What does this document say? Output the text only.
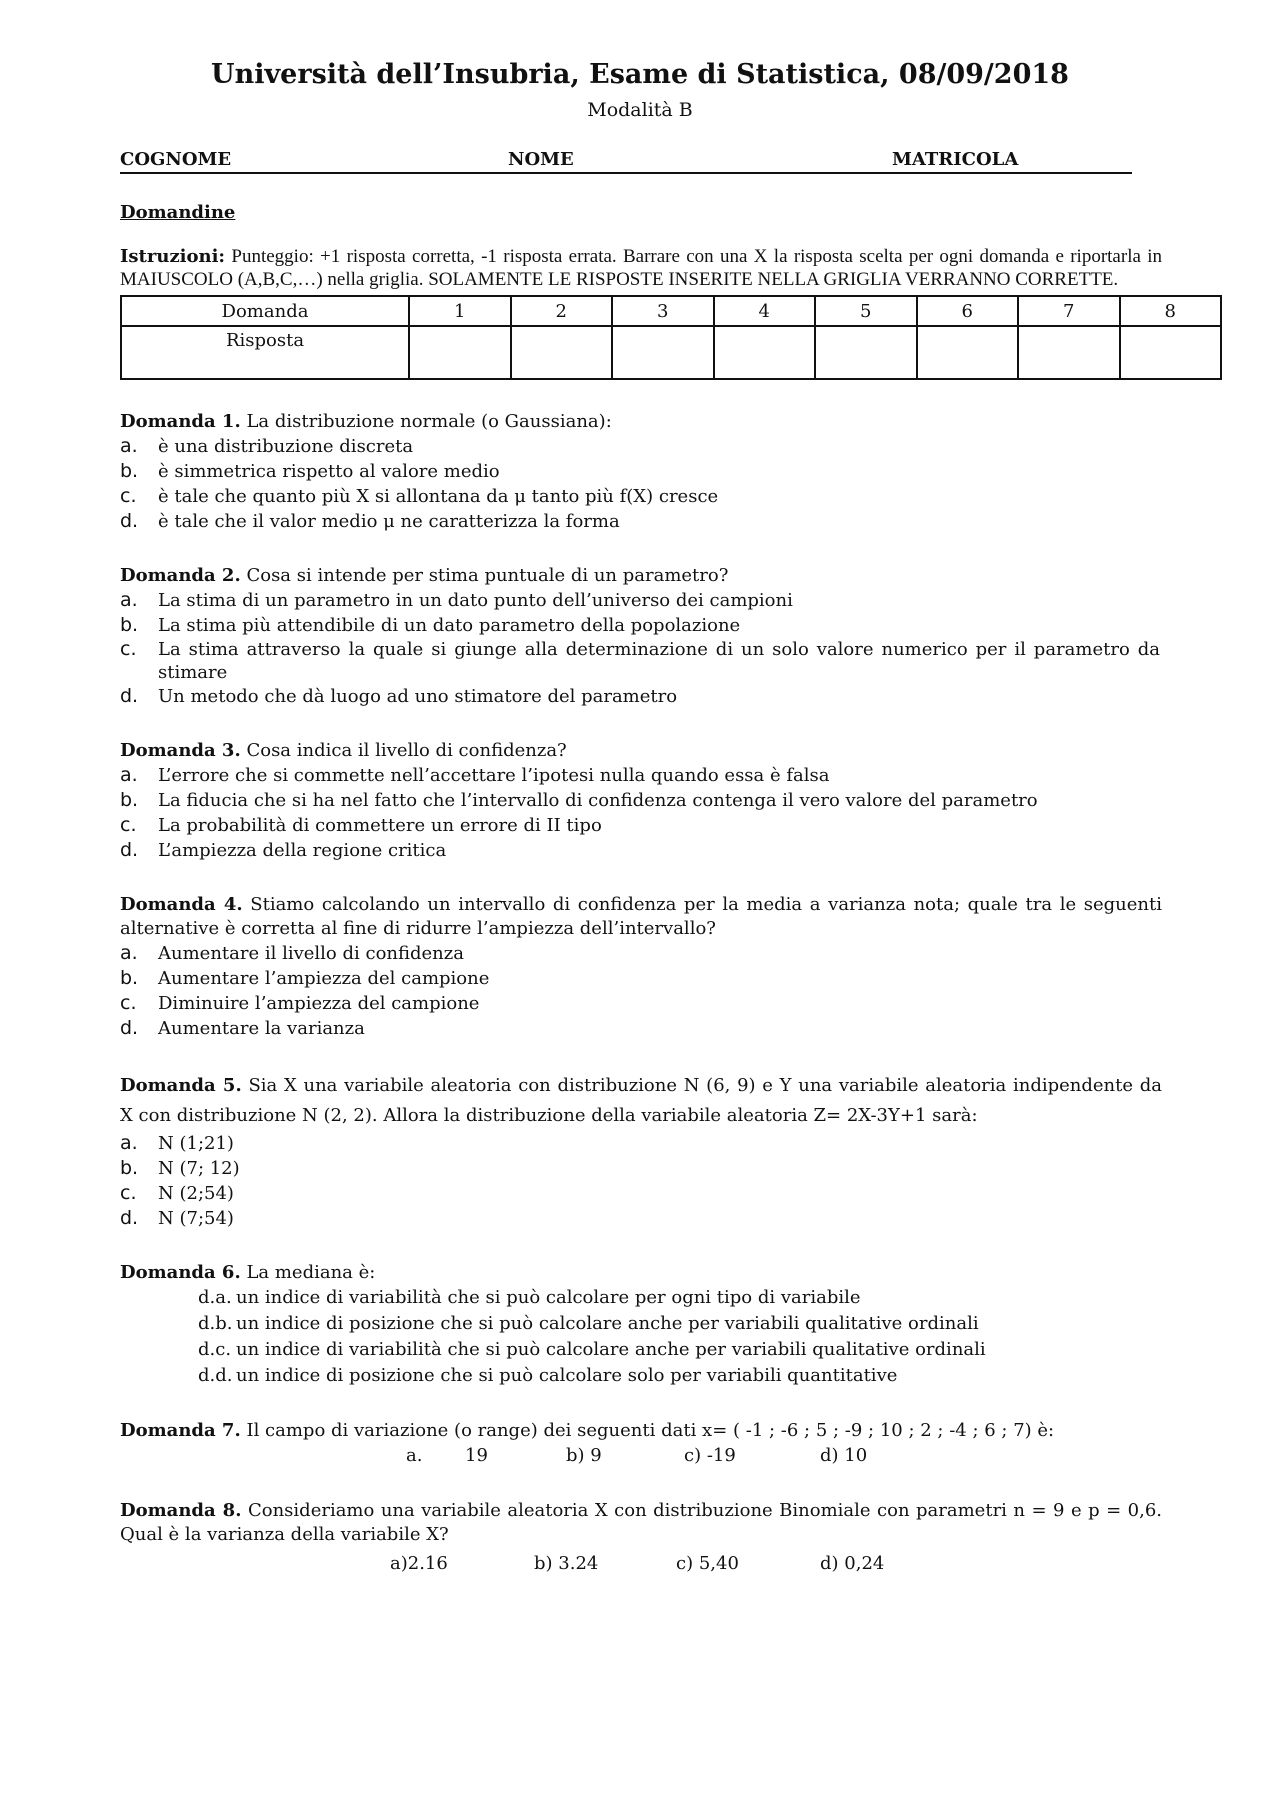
Università dell’Insubria, Esame di Statistica, 08/09/2018
Modalità B
COGNOME	NOME	MATRICOLA
Domandine
Istruzioni: Punteggio: +1 risposta corretta, -1 risposta errata. Barrare con una X la risposta scelta per ogni domanda e riportarla in MAIUSCOLO (A,B,C,…) nella griglia. SOLAMENTE LE RISPOSTE INSERITE NELLA GRIGLIA VERRANNO CORRETTE.
Domanda	1	2	3	4	5	6	7	8
Risposta								
Domanda 1. La distribuzione normale (o Gaussiana):
a.	è una distribuzione discreta
b.	è simmetrica rispetto al valore medio
c.	è tale che quanto più X si allontana da μ tanto più f(X) cresce
d.	è tale che il valor medio μ ne caratterizza la forma
Domanda 2. Cosa si intende per stima puntuale di un parametro?
a.	La stima di un parametro in un dato punto dell’universo dei campioni
b.	La stima più attendibile di un dato parametro della popolazione
c.	La stima attraverso la quale si giunge alla determinazione di un solo valore numerico per il parametro da stimare
d.	Un metodo che dà luogo ad uno stimatore del parametro
Domanda 3. Cosa indica il livello di confidenza?
a.	L’errore che si commette nell’accettare l’ipotesi nulla quando essa è falsa
b.	La fiducia che si ha nel fatto che l’intervallo di confidenza contenga il vero valore del parametro
c.	La probabilità di commettere un errore di II tipo
d.	L’ampiezza della regione critica
Domanda 4. Stiamo calcolando un intervallo di confidenza per la media a varianza nota; quale tra le seguenti alternative è corretta al fine di ridurre l’ampiezza dell’intervallo?
a.	Aumentare il livello di confidenza
b.	Aumentare l’ampiezza del campione
c.	Diminuire l’ampiezza del campione
d.	Aumentare la varianza
Domanda 5. Sia X una variabile aleatoria con distribuzione N (6, 9) e Y una variabile aleatoria indipendente da X con distribuzione N (2, 2). Allora la distribuzione della variabile aleatoria Z= 2X-3Y+1 sarà:
a.	N (1;21)
b.	N (7; 12)
c.	N (2;54)
d.	N (7;54)
Domanda 6. La mediana è:
d.a. un indice di variabilità che si può calcolare per ogni tipo di variabile
d.b. un indice di posizione che si può calcolare anche per variabili qualitative ordinali
d.c. un indice di variabilità che si può calcolare anche per variabili qualitative ordinali
d.d. un indice di posizione che si può calcolare solo per variabili quantitative
Domanda 7. Il campo di variazione (o range) dei seguenti dati x= ( -1 ; -6 ; 5 ; -9 ; 10 ; 2 ; -4 ; 6 ; 7) è:
a. 19	b) 9	c) -19	d) 10
Domanda 8. Consideriamo una variabile aleatoria X con distribuzione Binomiale con parametri n = 9 e p = 0,6. Qual è la varianza della variabile X?
a)2.16	b) 3.24	c) 5,40	d) 0,24
